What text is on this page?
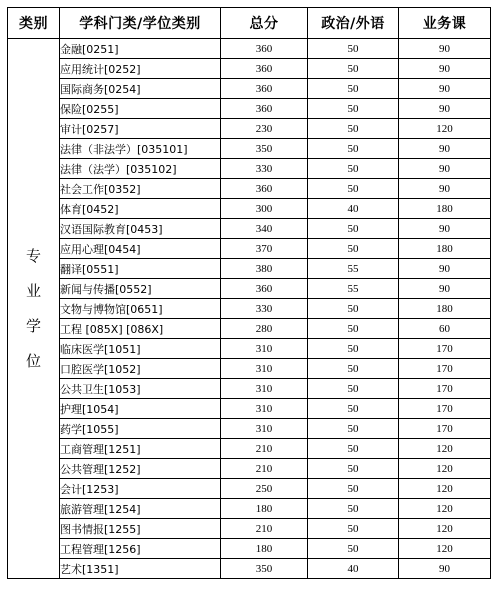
类别	学科门类/学位类别	总分	政治/外语	业务课
专业学位	金融[0251]	360	50	90
	应用统计[0252]	360	50	90
	国际商务[0254]	360	50	90
	保险[0255]	360	50	90
	审计[0257]	230	50	120
	法律（非法学）[035101]	350	50	90
	法律（法学）[035102]	330	50	90
	社会工作[0352]	360	50	90
	体育[0452]	300	40	180
	汉语国际教育[0453]	340	50	90
	应用心理[0454]	370	50	180
	翻译[0551]	380	55	90
	新闻与传播[0552]	360	55	90
	文物与博物馆[0651]	330	50	180
	工程 [085X] [086X]	280	50	60
	临床医学[1051]	310	50	170
	口腔医学[1052]	310	50	170
	公共卫生[1053]	310	50	170
	护理[1054]	310	50	170
	药学[1055]	310	50	170
	工商管理[1251]	210	50	120
	公共管理[1252]	210	50	120
	会计[1253]	250	50	120
	旅游管理[1254]	180	50	120
	图书情报[1255]	210	50	120
	工程管理[1256]	180	50	120
	艺术[1351]	350	40	90
